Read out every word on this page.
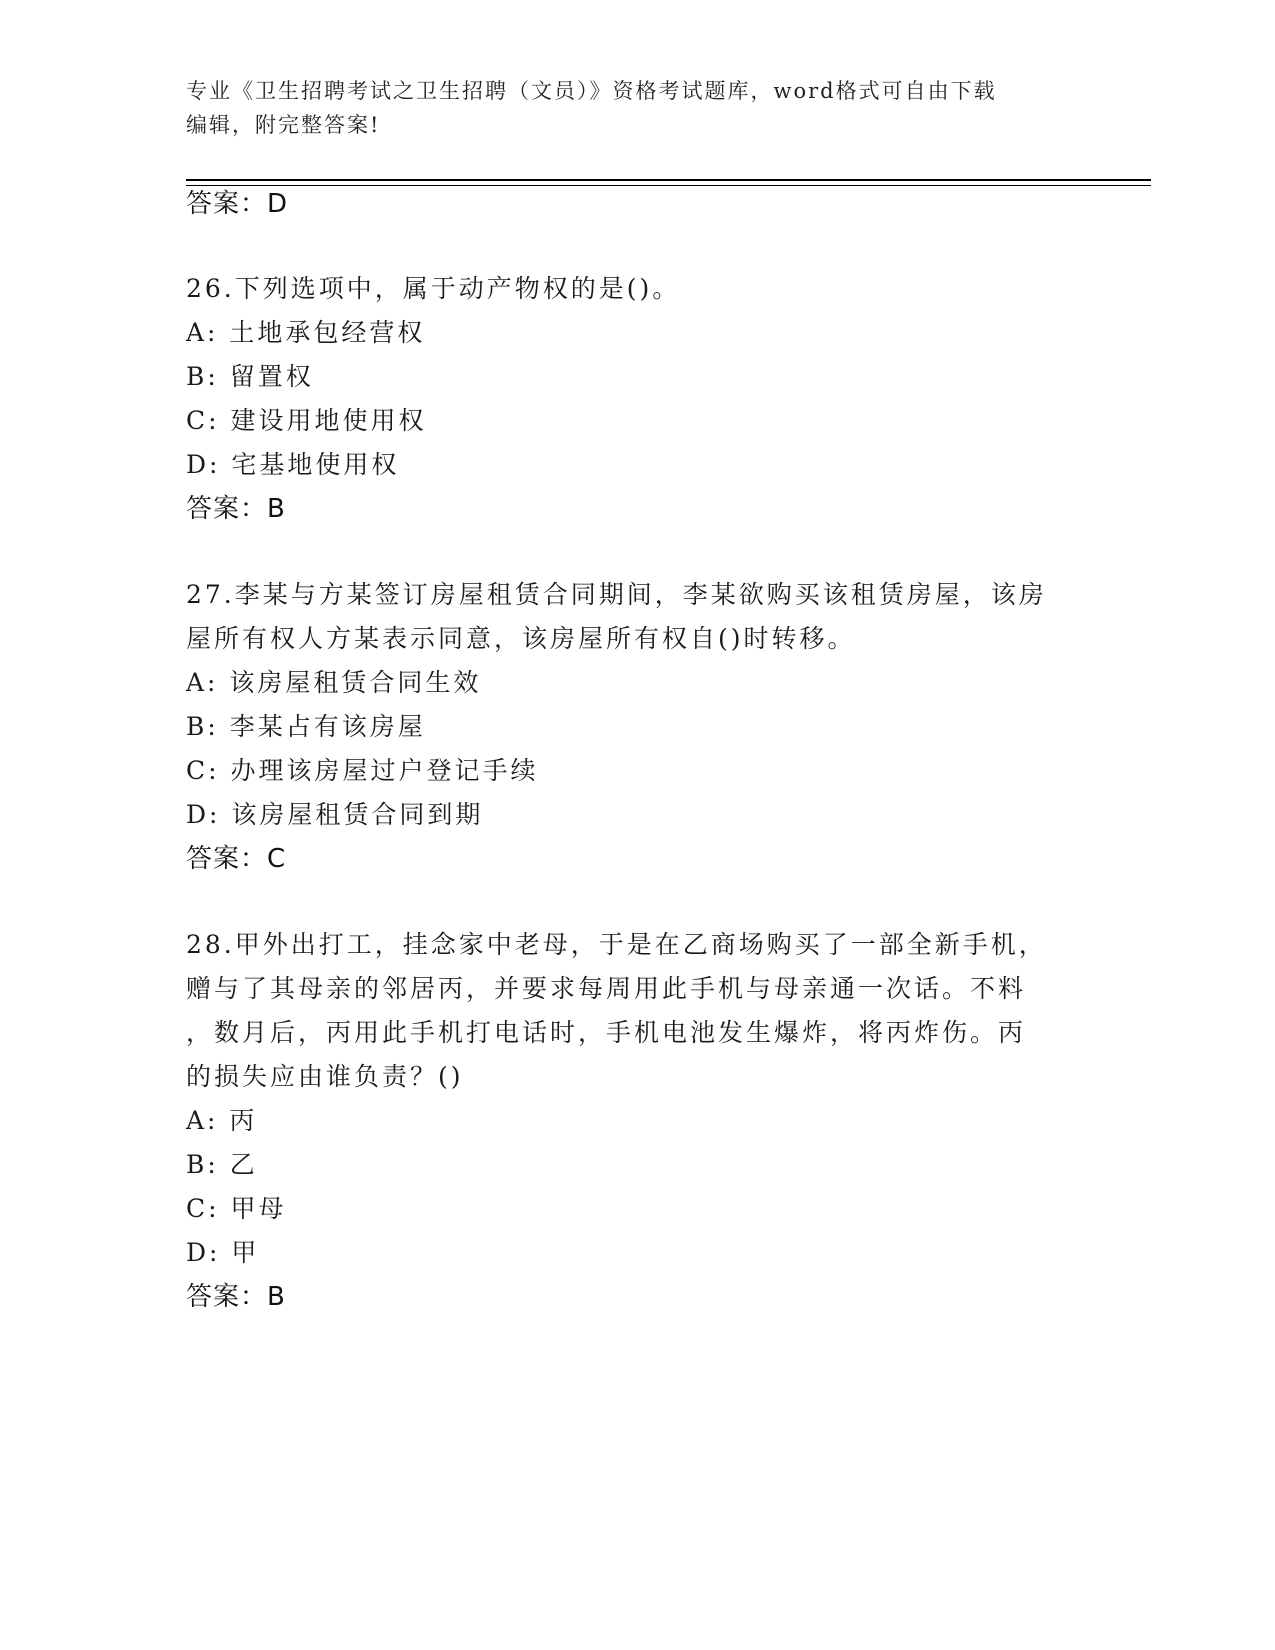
专业《卫生招聘考试之卫生招聘（文员）》资格考试题库，word格式可自由下载
编辑，附完整答案!
答案：D
26.下列选项中，属于动产物权的是()。
A: 土地承包经营权
B: 留置权
C: 建设用地使用权
D: 宅基地使用权
答案：B
27.李某与方某签订房屋租赁合同期间，李某欲购买该租赁房屋，该房
屋所有权人方某表示同意，该房屋所有权自()时转移。
A: 该房屋租赁合同生效
B: 李某占有该房屋
C: 办理该房屋过户登记手续
D: 该房屋租赁合同到期
答案：C
28.甲外出打工，挂念家中老母，于是在乙商场购买了一部全新手机，
赠与了其母亲的邻居丙，并要求每周用此手机与母亲通一次话。不料
，数月后，丙用此手机打电话时，手机电池发生爆炸，将丙炸伤。丙
的损失应由谁负责？()
A: 丙
B: 乙
C: 甲母
D: 甲
答案：B
